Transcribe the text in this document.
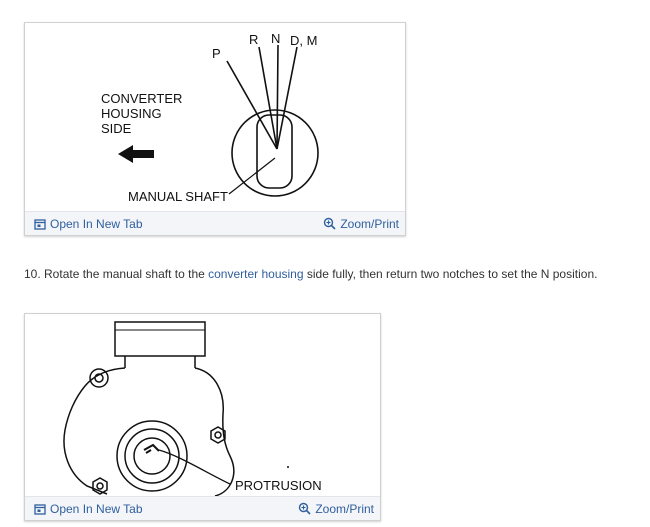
P
R N D, M
CONVERTER
HOUSING
SIDE
MANUAL SHAFT
Open In New Tab	Zoom/Print
10. Rotate the manual shaft to the converter housing side fully, then return two notches to set the N position.
PROTRUSION
Open In New Tab	Zoom/Print
